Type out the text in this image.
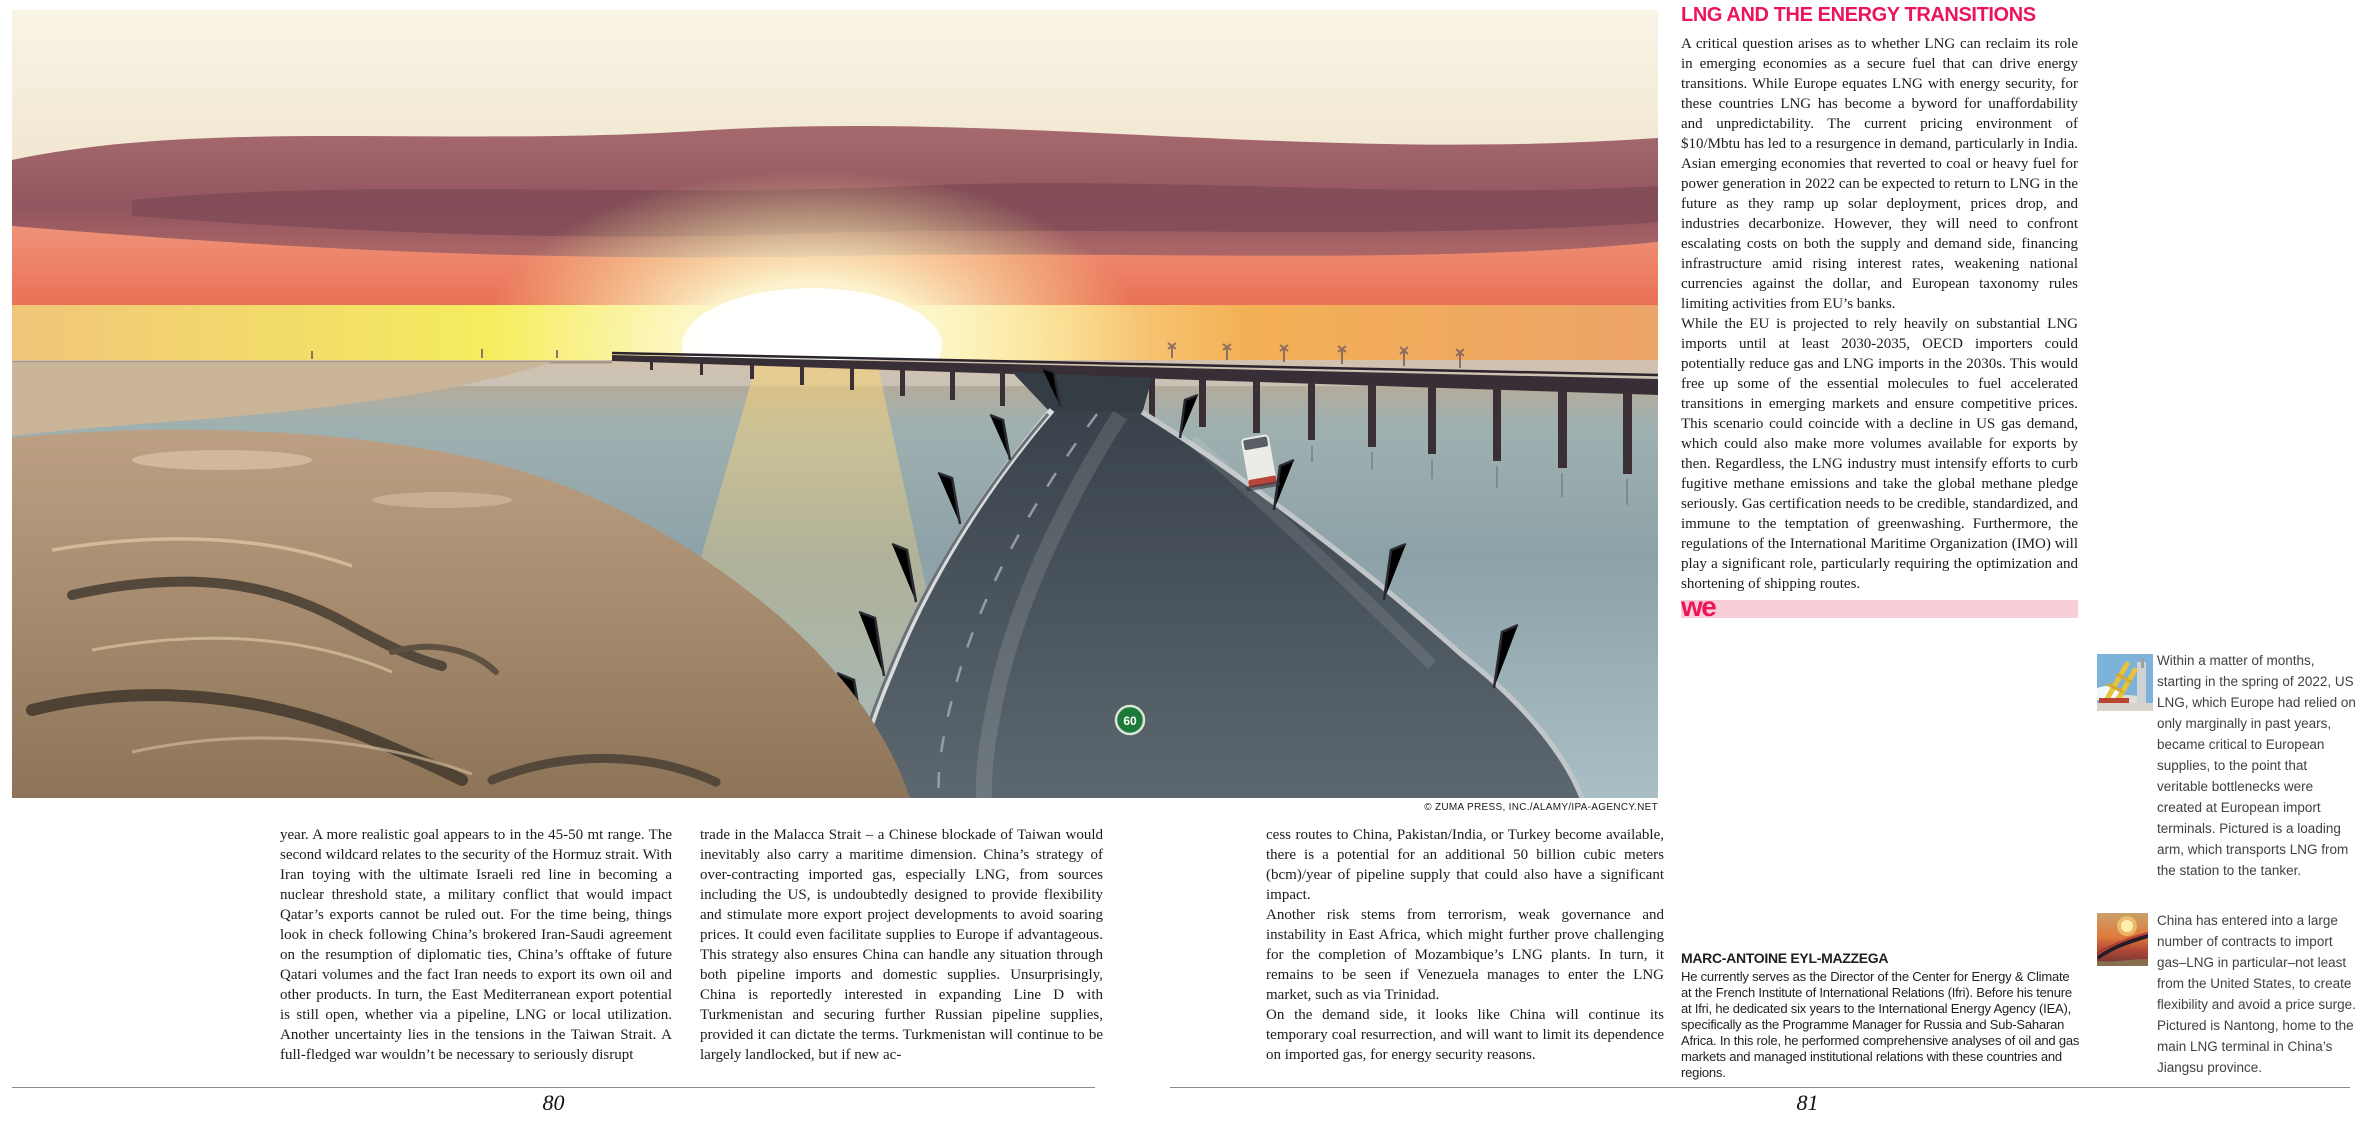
60
© ZUMA PRESS, INC./ALAMY/IPA-AGENCY.NET
year. A more realistic goal appears to in the 45-50 mt range. The second wildcard relates to the security of the Hormuz strait. With Iran toying with the ultimate Israeli red line in becoming a nuclear threshold state, a military conflict that would impact Qatar’s exports cannot be ruled out. For the time being, things look in check following China’s brokered Iran-Saudi agreement on the resumption of diplomatic ties, China’s offtake of future Qatari volumes and the fact Iran needs to export its own oil and other products. In turn, the East Mediterranean export potential is still open, whether via a pipeline, LNG or local utilization. Another uncertainty lies in the tensions in the Taiwan Strait. A full-fledged war wouldn’t be necessary to seriously disrupt
trade in the Malacca Strait – a Chinese blockade of Taiwan would inevitably also carry a maritime dimension. China’s strategy of over-contracting imported gas, especially LNG, from sources including the US, is undoubtedly designed to provide flexibility and stimulate more export project developments to avoid soaring prices. It could even facilitate supplies to Europe if advantageous. This strategy also ensures China can handle any situation through both pipeline imports and domestic supplies. Unsurprisingly, China is reportedly interested in expanding Line D with Turkmenistan and securing further Russian pipeline supplies, provided it can dictate the terms. Turkmenistan will continue to be largely landlocked, but if new ac-

cess routes to China, Pakistan/India, or Turkey become available, there is a potential for an additional 50 billion cubic meters (bcm)/year of pipeline supply that could also have a significant impact.

Another risk stems from terrorism, weak governance and instability in East Africa, which might further prove challenging for the completion of Mozambique’s LNG plants. In turn, it remains to be seen if Venezuela manages to enter the LNG market, such as via Trinidad.

On the demand side, it looks like China will continue its temporary coal resurrection, and will want to limit its dependence on imported gas, for energy security reasons.

LNG AND THE ENERGY TRANSITIONS

A critical question arises as to whether LNG can reclaim its role in emerging economies as a secure fuel that can drive energy transitions. While Europe equates LNG with energy security, for these countries LNG has become a byword for unaffordability and unpredictability. The current pricing environment of $10/Mbtu has led to a resurgence in demand, particularly in India. Asian emerging economies that reverted to coal or heavy fuel for power generation in 2022 can be expected to return to LNG in the future as they ramp up solar deployment, prices drop, and industries decarbonize. However, they will need to confront escalating costs on both the supply and demand side, financing infrastructure amid rising interest rates, weakening national currencies against the dollar, and European taxonomy rules limiting activities from EU’s banks.

While the EU is projected to rely heavily on substantial LNG imports until at least 2030-2035, OECD importers could potentially reduce gas and LNG imports in the 2030s. This would free up some of the essential molecules to fuel accelerated transitions in emerging markets and ensure competitive prices. This scenario could coincide with a decline in US gas demand, which could also make more volumes available for exports by then. Regardless, the LNG industry must intensify efforts to curb fugitive methane emissions and take the global methane pledge seriously. Gas certification needs to be credible, standardized, and immune to the temptation of greenwashing. Furthermore, the regulations of the International Maritime Organization (IMO) will play a significant role, particularly requiring the optimization and shortening of shipping routes.

we
MARC-ANTOINE EYL-MAZZEGA
He currently serves as the Director of the Center for Energy & Climate at the French Institute of International Relations (Ifri). Before his tenure at Ifri, he dedicated six years to the International Energy Agency (IEA), specifically as the Programme Manager for Russia and Sub-Saharan Africa. In this role, he performed comprehensive analyses of oil and gas markets and managed institutional relations with these countries and regions.
Within a matter of months, starting in the spring of 2022, US LNG, which Europe had relied on only marginally in past years, became critical to European supplies, to the point that veritable bottlenecks were created at European import terminals. Pictured is a loading arm, which transports LNG from the station to the tanker.
China has entered into a large number of contracts to import gas–LNG in particular–not least from the United States, to create flexibility and avoid a price surge. Pictured is Nantong, home to the main LNG terminal in China’s Jiangsu province.
80	81
